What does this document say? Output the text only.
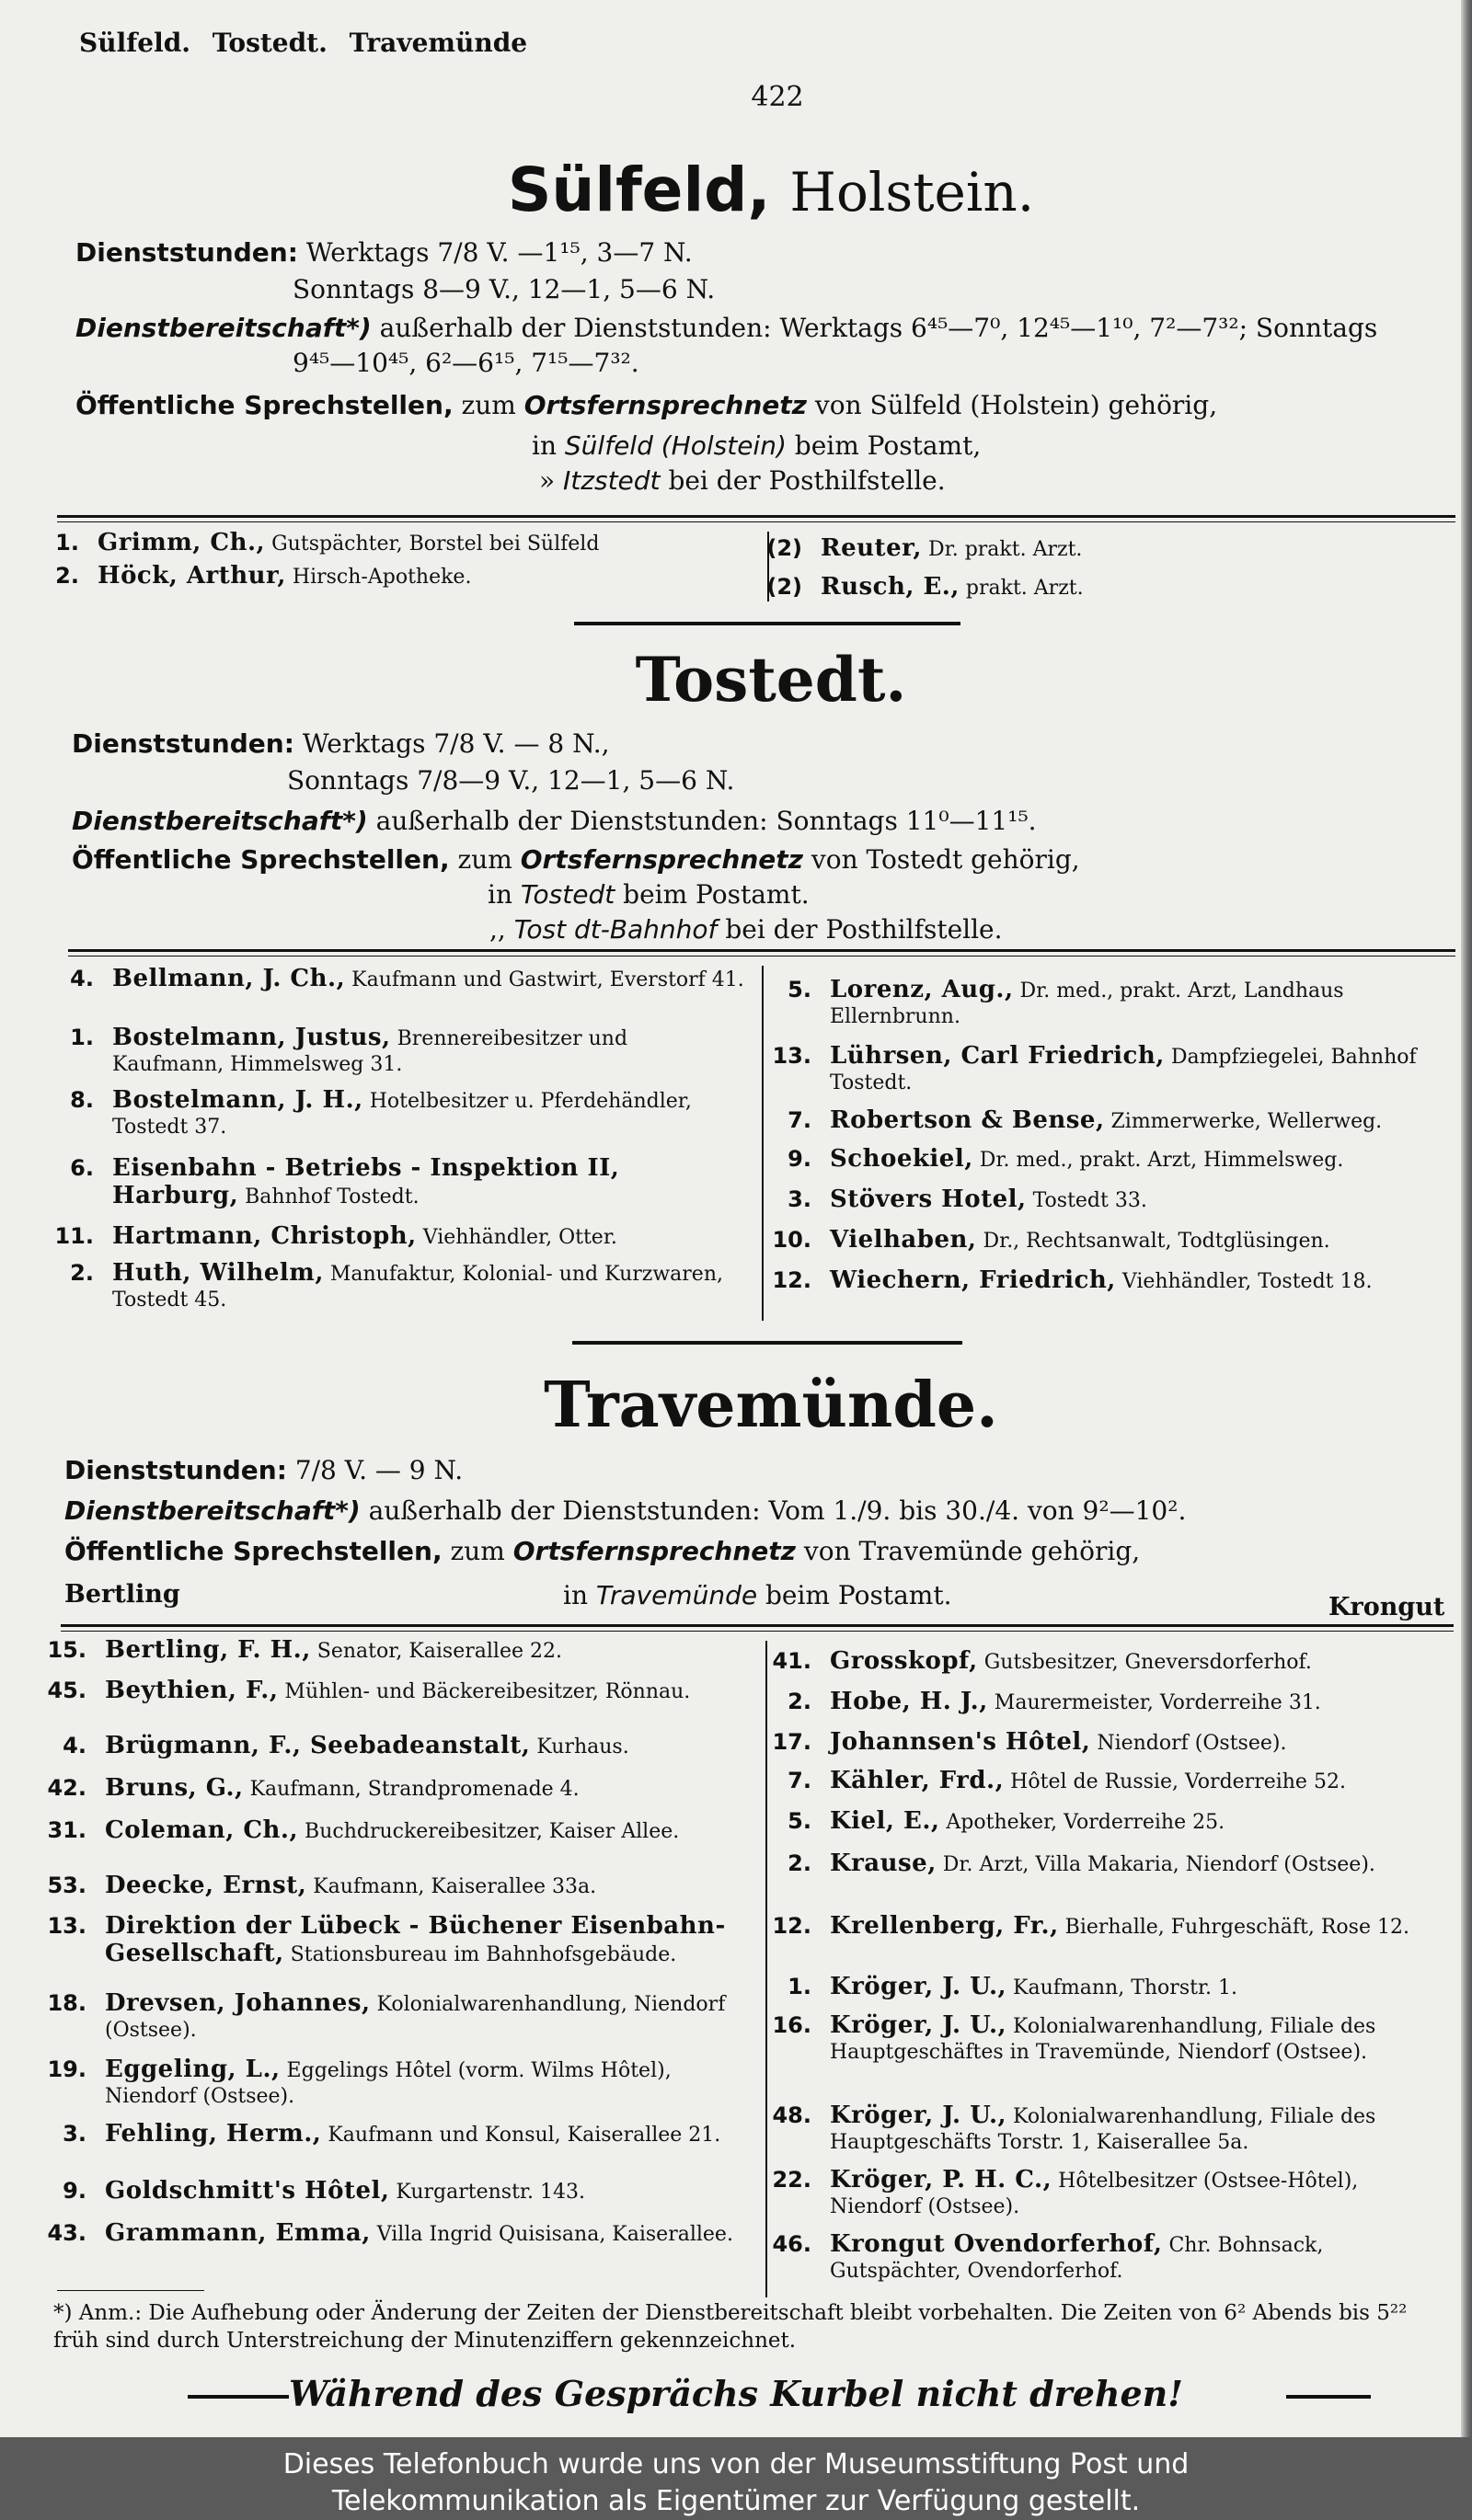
Sülfeld. Tostedt. Travemünde
422
Sülfeld, Holstein.
Dienststunden: Werktags 7/8 V. —1¹⁵, 3—7 N.
Sonntags 8—9 V., 12—1, 5—6 N.
Dienstbereitschaft*) außerhalb der Dienststunden: Werktags 6⁴⁵—7⁰, 12⁴⁵—1¹⁰, 7²—7³²; Sonntags
9⁴⁵—10⁴⁵, 6²—6¹⁵, 7¹⁵—7³².
Öffentliche Sprechstellen, zum Ortsfernsprechnetz von Sülfeld (Holstein) gehörig,
in Sülfeld (Holstein) beim Postamt,
» Itzstedt bei der Posthilfstelle.
1. Grimm, Ch., Gutspächter, Borstel bei Sülfeld
2. Höck, Arthur, Hirsch-Apotheke.
(2) Reuter, Dr. prakt. Arzt.
(2) Rusch, E., prakt. Arzt.
Tostedt.
Dienststunden: Werktags 7/8 V. — 8 N.,
Sonntags 7/8—9 V., 12—1, 5—6 N.
Dienstbereitschaft*) außerhalb der Dienststunden: Sonntags 11⁰—11¹⁵.
Öffentliche Sprechstellen, zum Ortsfernsprechnetz von Tostedt gehörig,
in Tostedt beim Postamt.
,, Tost dt-Bahnhof bei der Posthilfstelle.
4. Bellmann, J. Ch., Kaufmann und Gastwirt, Everstorf 41.
1. Bostelmann, Justus, Brennereibesitzer und Kaufmann, Himmelsweg 31.
8. Bostelmann, J. H., Hotelbesitzer u. Pferdehändler, Tostedt 37.
6. Eisenbahn - Betriebs - Inspektion II, Harburg, Bahnhof Tostedt.
11. Hartmann, Christoph, Viehhändler, Otter.
2. Huth, Wilhelm, Manufaktur, Kolonial- und Kurzwaren, Tostedt 45.
5. Lorenz, Aug., Dr. med., prakt. Arzt, Landhaus Ellernbrunn.
13. Lührsen, Carl Friedrich, Dampfziegelei, Bahnhof Tostedt.
7. Robertson & Bense, Zimmerwerke, Wellerweg.
9. Schoekiel, Dr. med., prakt. Arzt, Himmelsweg.
3. Stövers Hotel, Tostedt 33.
10. Vielhaben, Dr., Rechtsanwalt, Todtglüsingen.
12. Wiechern, Friedrich, Viehhändler, Tostedt 18.
Travemünde.
Dienststunden: 7/8 V. — 9 N.
Dienstbereitschaft*) außerhalb der Dienststunden: Vom 1./9. bis 30./4. von 9²—10².
Öffentliche Sprechstellen, zum Ortsfernsprechnetz von Travemünde gehörig,
Bertling	in Travemünde beim Postamt.	Krongut
15. Bertling, F. H., Senator, Kaiserallee 22.
45. Beythien, F., Mühlen- und Bäckereibesitzer, Rönnau.
4. Brügmann, F., Seebadeanstalt, Kurhaus.
42. Bruns, G., Kaufmann, Strandpromenade 4.
31. Coleman, Ch., Buchdruckereibesitzer, Kaiser Allee.
53. Deecke, Ernst, Kaufmann, Kaiserallee 33a.
13. Direktion der Lübeck - Büchener Eisenbahn-Gesellschaft, Stationsbureau im Bahnhofsgebäude.
18. Drevsen, Johannes, Kolonialwarenhandlung, Niendorf (Ostsee).
19. Eggeling, L., Eggelings Hôtel (vorm. Wilms Hôtel), Niendorf (Ostsee).
3. Fehling, Herm., Kaufmann und Konsul, Kaiserallee 21.
9. Goldschmitt's Hôtel, Kurgartenstr. 143.
43. Grammann, Emma, Villa Ingrid Quisisana, Kaiserallee.
41. Grosskopf, Gutsbesitzer, Gneversdorferhof.
2. Hobe, H. J., Maurermeister, Vorderreihe 31.
17. Johannsen's Hôtel, Niendorf (Ostsee).
7. Kähler, Frd., Hôtel de Russie, Vorderreihe 52.
5. Kiel, E., Apotheker, Vorderreihe 25.
2. Krause, Dr. Arzt, Villa Makaria, Niendorf (Ostsee).
12. Krellenberg, Fr., Bierhalle, Fuhrgeschäft, Rose 12.
1. Kröger, J. U., Kaufmann, Thorstr. 1.
16. Kröger, J. U., Kolonialwarenhandlung, Filiale des Hauptgeschäftes in Travemünde, Niendorf (Ostsee).
48. Kröger, J. U., Kolonialwarenhandlung, Filiale des Hauptgeschäfts Torstr. 1, Kaiserallee 5a.
22. Kröger, P. H. C., Hôtelbesitzer (Ostsee-Hôtel), Niendorf (Ostsee).
46. Krongut Ovendorferhof, Chr. Bohnsack, Gutspächter, Ovendorferhof.
*) Anm.: Die Aufhebung oder Änderung der Zeiten der Dienstbereitschaft bleibt vorbehalten. Die Zeiten von 6² Abends bis 5²² früh sind durch Unterstreichung der Minutenziffern gekennzeichnet.
Während des Gesprächs Kurbel nicht drehen!
Dieses Telefonbuch wurde uns von der Museumsstiftung Post und
Telekommunikation als Eigentümer zur Verfügung gestellt.
